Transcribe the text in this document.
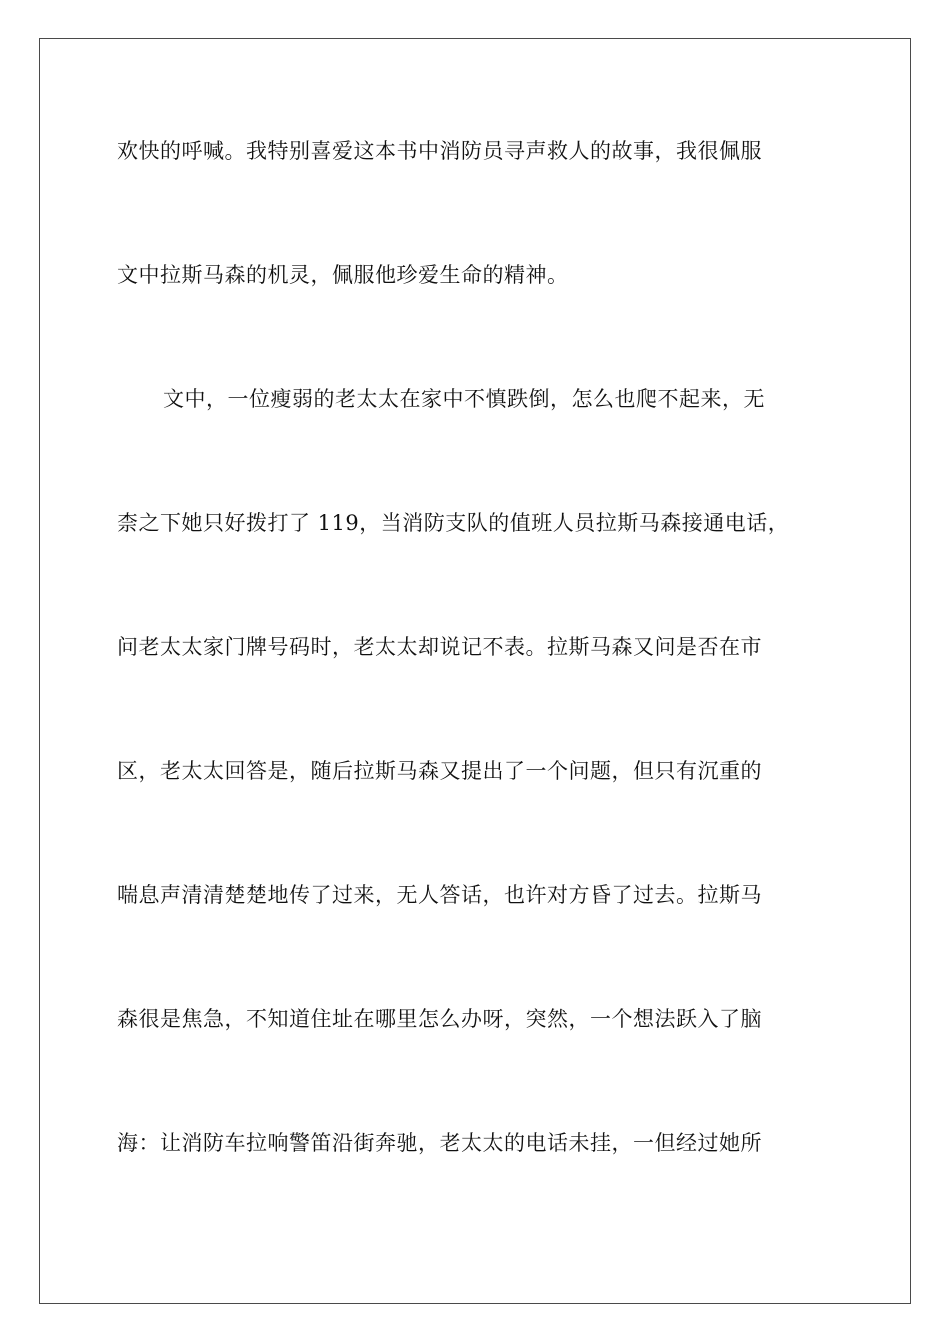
欢快的呼喊。我特别喜爱这本书中消防员寻声救人的故事，我很佩服
文中拉斯马森的机灵，佩服他珍爱生命的精神。
文中，一位瘦弱的老太太在家中不慎跌倒，怎么也爬不起来，无
柰之下她只好拨打了 119，当消防支队的值班人员拉斯马森接通电话，
问老太太家门牌号码时，老太太却说记不表。拉斯马森又问是否在市
区，老太太回答是，随后拉斯马森又提出了一个问题，但只有沉重的
喘息声清清楚楚地传了过来，无人答话，也许对方昏了过去。拉斯马
森很是焦急，不知道住址在哪里怎么办呀，突然，一个想法跃入了脑
海：让消防车拉响警笛沿街奔驰，老太太的电话未挂，一但经过她所
